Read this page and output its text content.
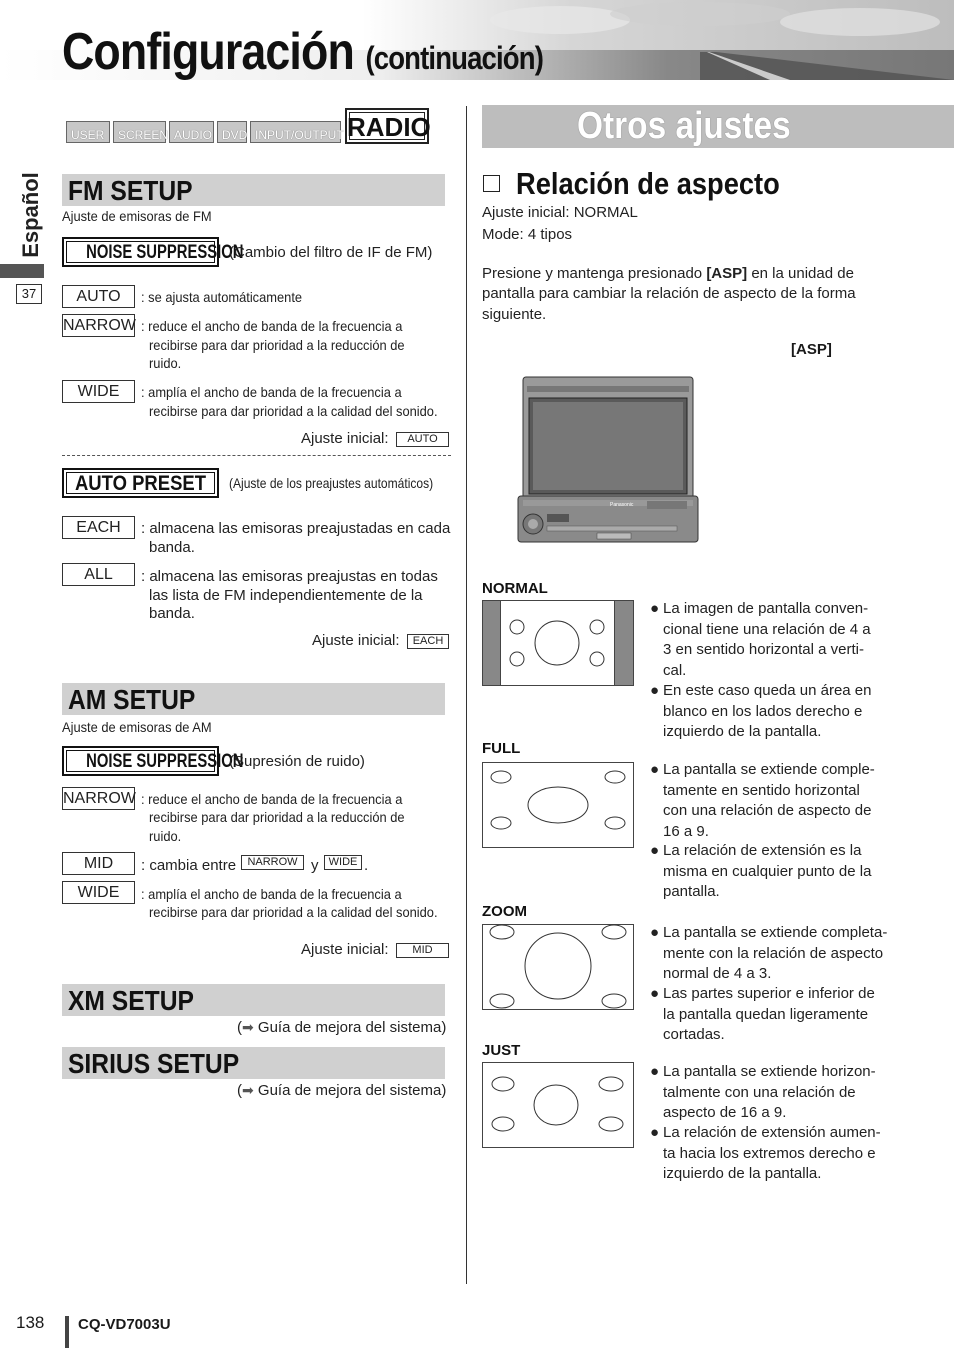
Configuración (continuación)
Español
37
USER	SCREEN AUDIO DVD INPUT/OUTPUT RADIO
FM SETUP
Ajuste de emisoras de FM
NOISE SUPPRESSION
(Cambio del filtro de IF de FM)
AUTO	: se ajusta automáticamente
NARROW : reduce el ancho de banda de la frecuencia a
recibirse para dar prioridad a la reducción de
ruido.
WIDE	: amplía el ancho de banda de la frecuencia a
recibirse para dar prioridad a la calidad del sonido.
Ajuste inicial:	AUTO
AUTO PRESET	(Ajuste de los preajustes automáticos)
EACH	: almacena las emisoras preajustadas en cada
banda.
ALL	: almacena las emisoras preajustas en todas
las lista de FM independientemente de la
banda.
Ajuste inicial:	EACH
AM SETUP
Ajuste de emisoras de AM
NOISE SUPPRESSION
(Supresión de ruido)
NARROW : reduce el ancho de banda de la frecuencia a
recibirse para dar prioridad a la reducción de
ruido.
MID	: cambia entre	NARROW y WIDE .
WIDE	: amplía el ancho de banda de la frecuencia a
recibirse para dar prioridad a la calidad del sonido.
Ajuste inicial:	MID
XM SETUP
(➡ Guía de mejora del sistema)
SIRIUS SETUP
(➡ Guía de mejora del sistema)
Otros ajustes
Relación de aspecto
Ajuste inicial: NORMAL
Mode: 4 tipos
Presione y mantenga presionado [ASP] en la unidad de
pantalla para cambiar la relación de aspecto de la forma
siguiente.
[ASP]
Panasonic
NORMAL
● La imagen de pantalla conven-
cional tiene una relación de 4 a
3 en sentido horizontal a verti-
cal.
● En este caso queda un área en
blanco en los lados derecho e
izquierdo de la pantalla.
FULL
● La pantalla se extiende comple-
tamente en sentido horizontal
con una relación de aspecto de
16 a 9.
● La relación de extensión es la
misma en cualquier punto de la
pantalla.
ZOOM
● La pantalla se extiende completa-
mente con la relación de aspecto
normal de 4 a 3.
● Las partes superior e inferior de
la pantalla quedan ligeramente
cortadas.
JUST
● La pantalla se extiende horizon-
talmente con una relación de
aspecto de 16 a 9.
● La relación de extensión aumen-
ta hacia los extremos derecho e
izquierdo de la pantalla.
138 CQ-VD7003U
